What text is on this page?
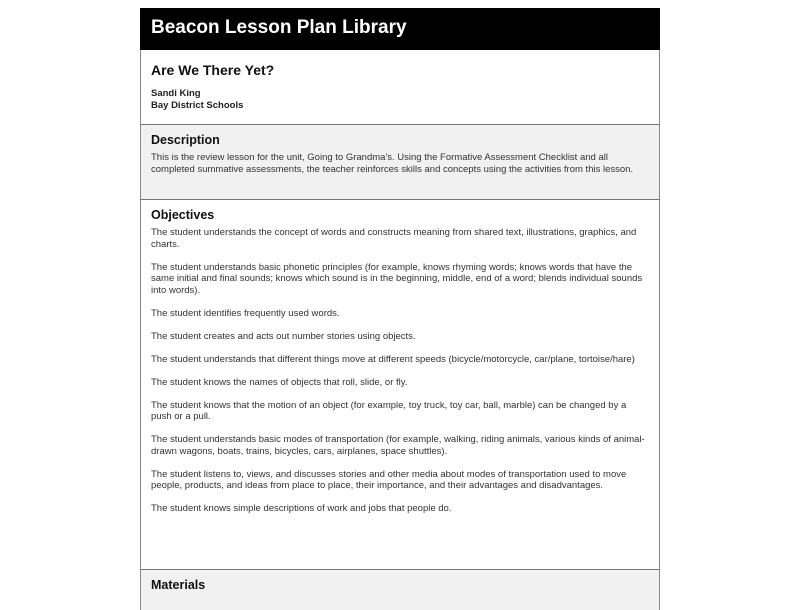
Beacon Lesson Plan Library
Are We There Yet?
Sandi King
Bay District Schools
Description

This is the review lesson for the unit, Going to Grandma's. Using the Formative Assessment Checklist and all completed summative assessments, the teacher reinforces skills and concepts using the activities from this lesson.

Objectives

The student understands the concept of words and constructs meaning from shared text, illustrations, graphics, and charts.

The student understands basic phonetic principles (for example, knows rhyming words; knows words that have the same initial and final sounds; knows which sound is in the beginning, middle, end of a word; blends individual sounds into words).

The student identifies frequently used words.

The student creates and acts out number stories using objects.

The student understands that different things move at different speeds (bicycle/motorcycle, car/plane, tortoise/hare)

The student knows the names of objects that roll, slide, or fly.

The student knows that the motion of an object (for example, toy truck, toy car, ball, marble) can be changed by a push or a pull.

The student understands basic modes of transportation (for example, walking, riding animals, various kinds of animal-drawn wagons, boats, trains, bicycles, cars, airplanes, space shuttles).

The student listens to, views, and discusses stories and other media about modes of transportation used to move people, products, and ideas from place to place, their importance, and their advantages and disadvantages.

The student knows simple descriptions of work and jobs that people do.

Materials
